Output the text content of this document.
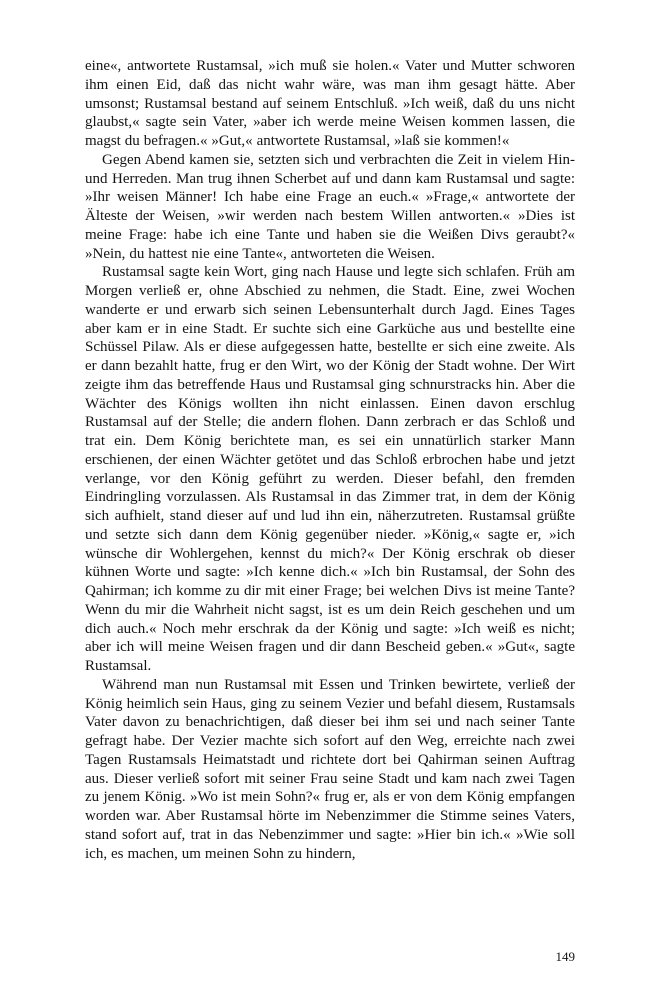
eine«, antwortete Rustamsal, »ich muß sie holen.« Vater und Mutter schworen ihm einen Eid, daß das nicht wahr wäre, was man ihm gesagt hätte. Aber umsonst; Rustamsal bestand auf seinem Entschluß. »Ich weiß, daß du uns nicht glaubst,« sagte sein Vater, »aber ich werde meine Weisen kommen lassen, die magst du befragen.« »Gut,« antwortete Rustamsal, »laß sie kommen!«

Gegen Abend kamen sie, setzten sich und verbrachten die Zeit in vielem Hin- und Herreden. Man trug ihnen Scherbet auf und dann kam Rustamsal und sagte: »Ihr weisen Männer! Ich habe eine Frage an euch.« »Frage,« antwortete der Älteste der Weisen, »wir werden nach bestem Willen antworten.« »Dies ist meine Frage: habe ich eine Tante und haben sie die Weißen Divs geraubt?« »Nein, du hattest nie eine Tante«, antworteten die Weisen.

Rustamsal sagte kein Wort, ging nach Hause und legte sich schlafen. Früh am Morgen verließ er, ohne Abschied zu nehmen, die Stadt. Eine, zwei Wochen wanderte er und erwarb sich seinen Lebensunterhalt durch Jagd. Eines Tages aber kam er in eine Stadt. Er suchte sich eine Garküche aus und bestellte eine Schüssel Pilaw. Als er diese aufgegessen hatte, bestellte er sich eine zweite. Als er dann bezahlt hatte, frug er den Wirt, wo der König der Stadt wohne. Der Wirt zeigte ihm das betreffende Haus und Rustamsal ging schnurstracks hin. Aber die Wächter des Königs wollten ihn nicht einlassen. Einen davon erschlug Rustamsal auf der Stelle; die andern flohen. Dann zerbrach er das Schloß und trat ein. Dem König berichtete man, es sei ein unnatürlich starker Mann erschienen, der einen Wächter getötet und das Schloß erbrochen habe und jetzt verlange, vor den König geführt zu werden. Dieser befahl, den fremden Eindringling vorzulassen. Als Rustamsal in das Zimmer trat, in dem der König sich aufhielt, stand dieser auf und lud ihn ein, näherzutreten. Rustamsal grüßte und setzte sich dann dem König gegenüber nieder. »König,« sagte er, »ich wünsche dir Wohlergehen, kennst du mich?« Der König erschrak ob dieser kühnen Worte und sagte: »Ich kenne dich.« »Ich bin Rustamsal, der Sohn des Qahirman; ich komme zu dir mit einer Frage; bei welchen Divs ist meine Tante? Wenn du mir die Wahrheit nicht sagst, ist es um dein Reich geschehen und um dich auch.« Noch mehr erschrak da der König und sagte: »Ich weiß es nicht; aber ich will meine Weisen fragen und dir dann Bescheid geben.« »Gut«, sagte Rustamsal.

Während man nun Rustamsal mit Essen und Trinken bewirtete, verließ der König heimlich sein Haus, ging zu seinem Vezier und befahl diesem, Rustamsals Vater davon zu benachrichtigen, daß dieser bei ihm sei und nach seiner Tante gefragt habe. Der Vezier machte sich sofort auf den Weg, erreichte nach zwei Tagen Rustamsals Heimatstadt und richtete dort bei Qahirman seinen Auftrag aus. Dieser verließ sofort mit seiner Frau seine Stadt und kam nach zwei Tagen zu jenem König. »Wo ist mein Sohn?« frug er, als er von dem König empfangen worden war. Aber Rustamsal hörte im Nebenzimmer die Stimme seines Vaters, stand sofort auf, trat in das Nebenzimmer und sagte: »Hier bin ich.« »Wie soll ich, es machen, um meinen Sohn zu hindern,

149
